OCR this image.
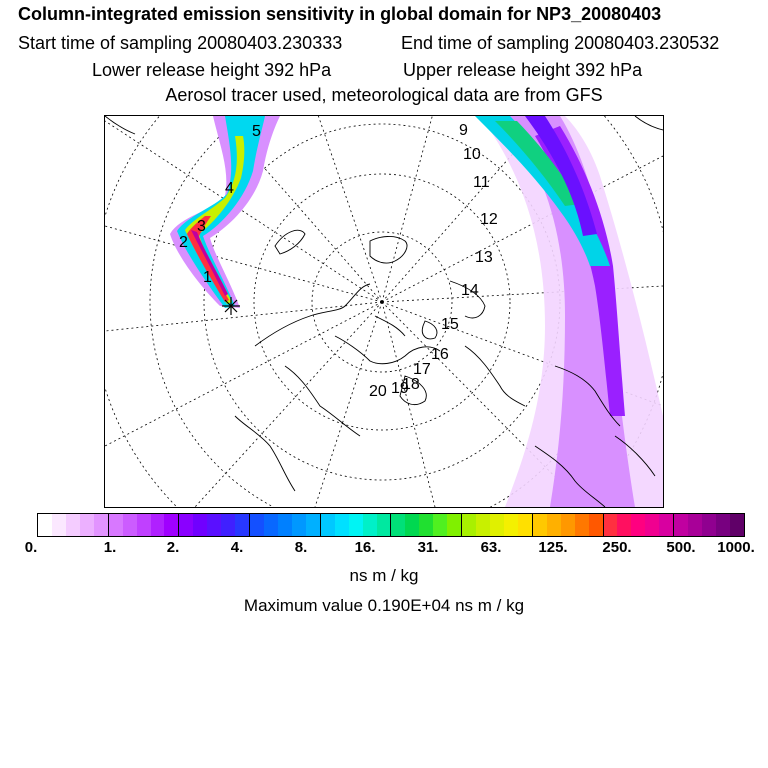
Column-integrated emission sensitivity in global domain for NP3_20080403
Start time of sampling 20080403.230333	End time of sampling 20080403.230532
Lower release height 392 hPa	Upper release height 392 hPa
Aerosol tracer used, meteorological data are from GFS
1
2
3
4
5	9
10
11
12
13
14
15
16
17
18
19
20
0.	1.	2.	4.	8.	16.	31.	63. 125. 250. 500. 1000.
ns m / kg
Maximum value 0.190E+04 ns m / kg
